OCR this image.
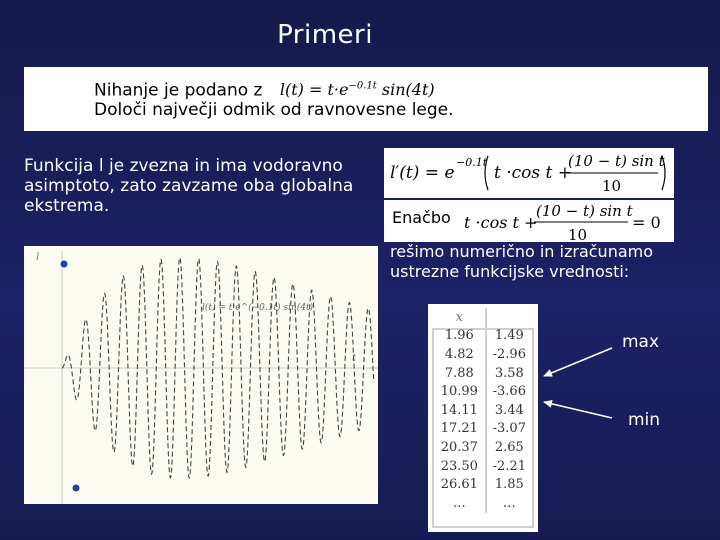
Primeri
Nihanje je podano z $l(t) = t\cdot e^{-0.1t}$ sin(4t)
Določi največji odmik od ravnovesne lege.
Funkcija l je zvezna in ima vodoravno asimptoto, zato zavzame oba globalna ekstrema.
l
t
l(t) = t·e^(−0.1t) sin(4t)
l′(t) = e
−0.1t
t ·cos t +
(10 − t) sin t
10
Enačbo t ·cos t +
(10 − t) sin t
10
= 0
rešimo numerično in izračunamo ustrezne funkcijske vrednosti:
x	
1.96	1.49
4.82	-2.96
7.88	3.58
10.99	-3.66
14.11	3.44
17.21	-3.07
20.37	2.65
23.50	-2.21
26.61	1.85
…	…
max
min
